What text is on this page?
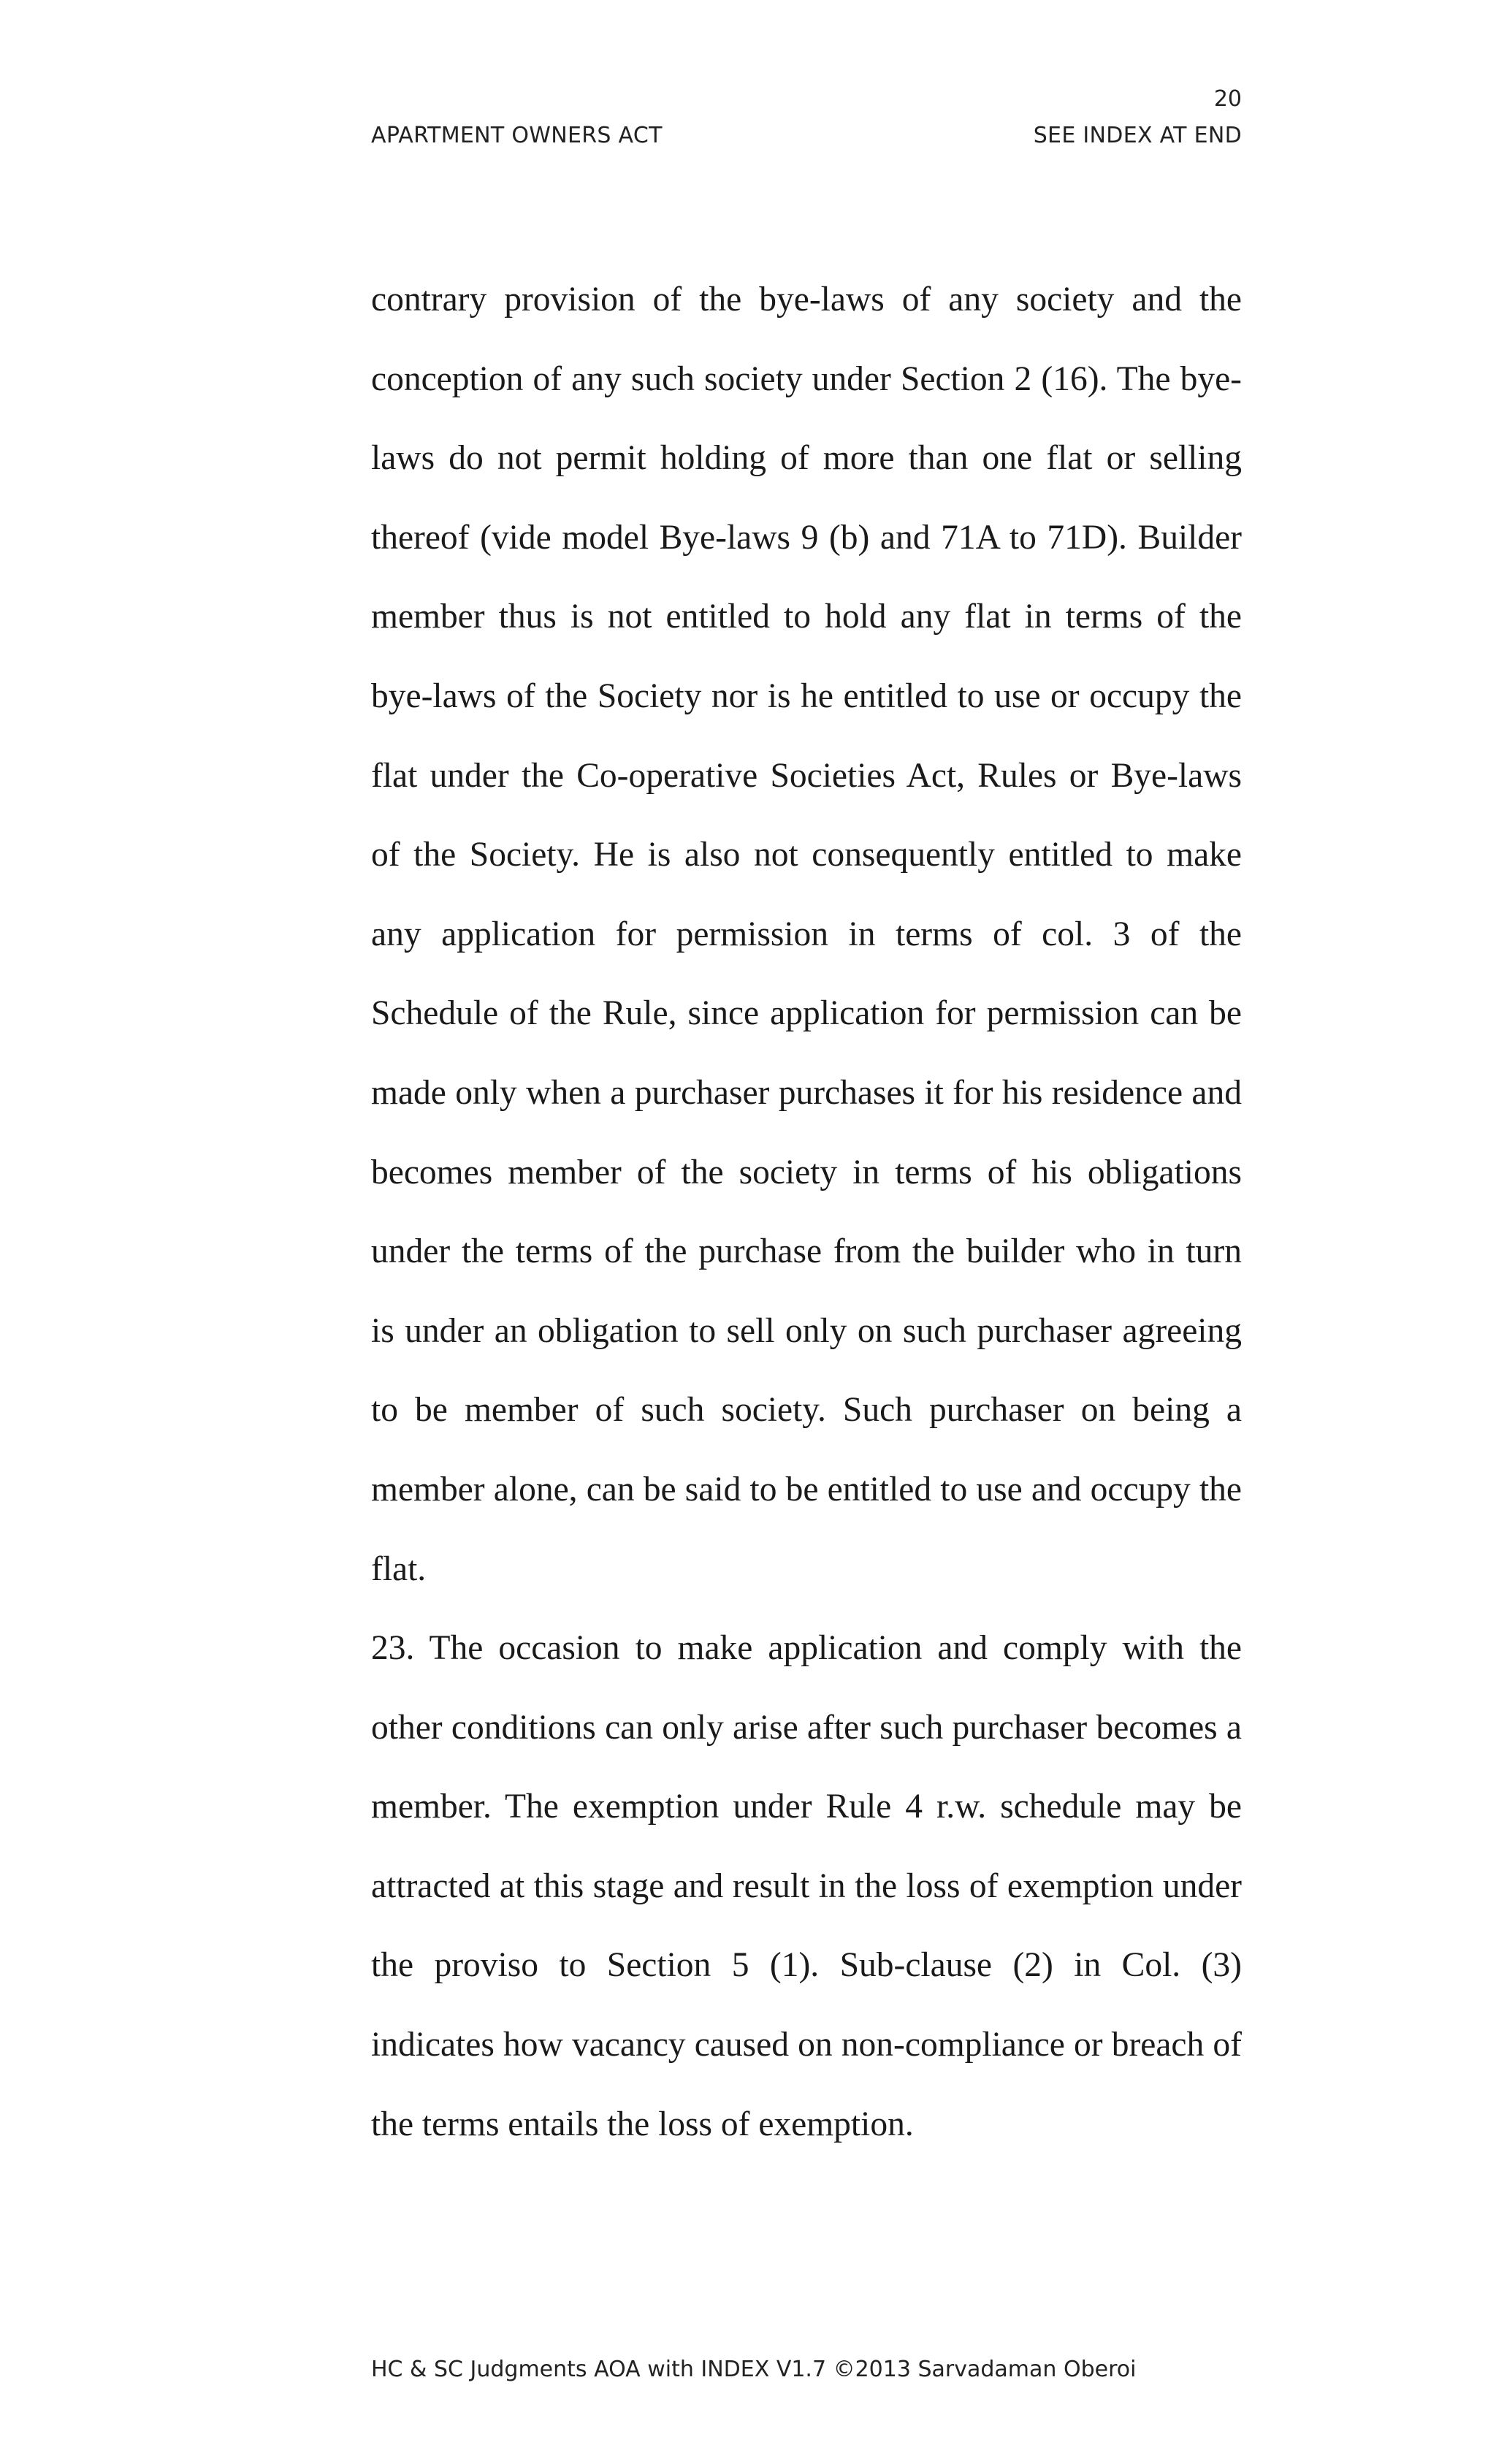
20
APARTMENT OWNERS ACT	SEE INDEX AT END

contrary provision of the bye-laws of any society and the conception of any such society under Section 2 (16). The bye-laws do not permit holding of more than one flat or selling thereof (vide model Bye-laws 9 (b) and 71A to 71D). Builder member thus is not entitled to hold any flat in terms of the bye-laws of the Society nor is he entitled to use or occupy the flat under the Co-operative Societies Act, Rules or Bye-laws of the Society. He is also not consequently entitled to make any application for permission in terms of col. 3 of the Schedule of the Rule, since application for permission can be made only when a purchaser purchases it for his residence and becomes member of the society in terms of his obligations under the terms of the purchase from the builder who in turn is under an obligation to sell only on such purchaser agreeing to be member of such society. Such purchaser on being a member alone, can be said to be entitled to use and occupy the flat.

23. The occasion to make application and comply with the other conditions can only arise after such purchaser becomes a member. The exemption under Rule 4 r.w. schedule may be attracted at this stage and result in the loss of exemption under the proviso to Section 5 (1). Sub-clause (2) in Col. (3) indicates how vacancy caused on non-compliance or breach of the terms entails the loss of exemption.

HC & SC Judgments AOA with INDEX V1.7 ©2013 Sarvadaman Oberoi
